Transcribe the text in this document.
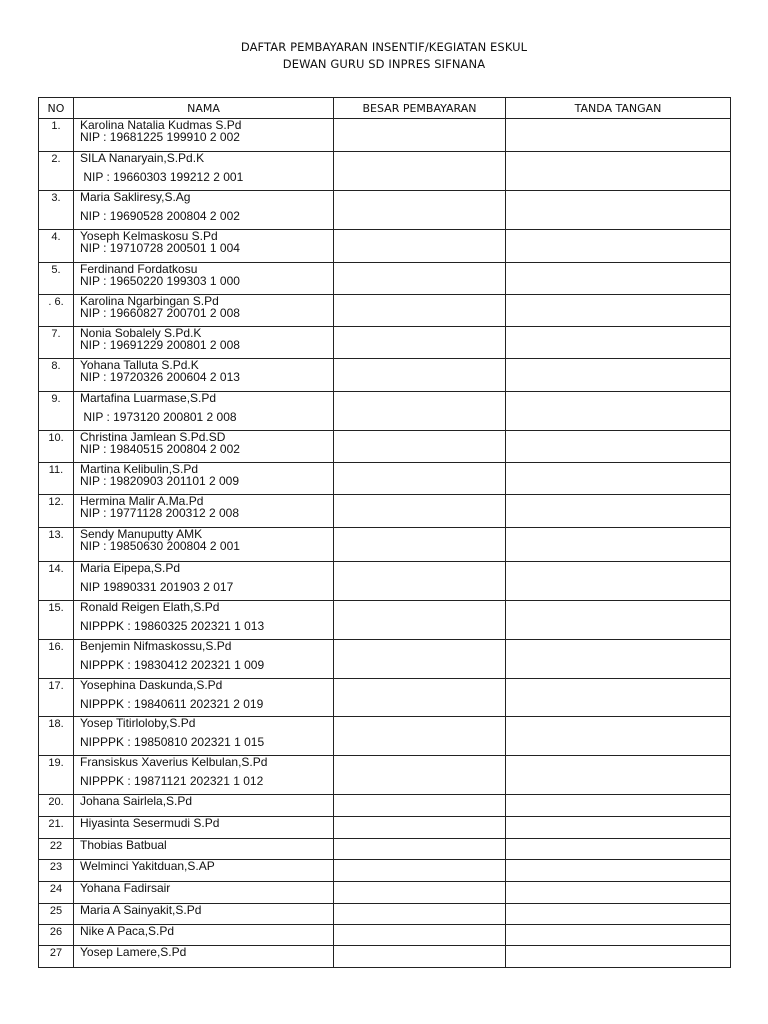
DAFTAR PEMBAYARAN INSENTIF/KEGIATAN ESKUL
DEWAN GURU SD INPRES SIFNANA
NO	NAMA	BESAR PEMBAYARAN	TANDA TANGAN
1.	Karolina Natalia Kudmas S.Pd
NIP : 19681225 199910 2 002		

2.	SILA Nanaryain,S.Pd.K
NIP : 19660303 199212 2 001		

3.	Maria Sakliresy,S.Ag
NIP : 19690528 200804 2 002		

4.	Yoseph Kelmaskosu S.Pd
NIP : 19710728 200501 1 004		

5.	Ferdinand Fordatkosu
NIP : 19650220 199303 1 000		

. 6.	Karolina Ngarbingan S.Pd
NIP : 19660827 200701 2 008		

7.	Nonia Sobalely S.Pd.K
NIP : 19691229 200801 2 008		

8.	Yohana Talluta S.Pd.K
NIP : 19720326 200604 2 013		

9.	Martafina Luarmase,S.Pd
NIP : 1973120 200801 2 008		

10.	Christina Jamlean S.Pd.SD
NIP : 19840515 200804 2 002		

11.	Martina Kelibulin,S.Pd
NIP : 19820903 201101 2 009		

12.	Hermina Malir A.Ma.Pd
NIP : 19771128 200312 2 008		

13.	Sendy Manuputty AMK
NIP : 19850630 200804 2 001		

14.	Maria Eipepa,S.Pd
NIP 19890331 201903 2 017		

15.	Ronald Reigen Elath,S.Pd
NIPPPK : 19860325 202321 1 013		

16.	Benjemin Nifmaskossu,S.Pd
NIPPPK : 19830412 202321 1 009		

17.	Yosephina Daskunda,S.Pd
NIPPPK : 19840611 202321 2 019		

18.	Yosep Titirloloby,S.Pd
NIPPPK : 19850810 202321 1 015		

19.	Fransiskus Xaverius Kelbulan,S.Pd
NIPPPK : 19871121 202321 1 012		

20.	Johana Sairlela,S.Pd		

21.	Hiyasinta Sesermudi S.Pd		

22	Thobias Batbual		

23	Welminci Yakitduan,S.AP		

24	Yohana Fadirsair		

25	Maria A Sainyakit,S.Pd		

26	Nike A Paca,S.Pd		

27	Yosep Lamere,S.Pd		
